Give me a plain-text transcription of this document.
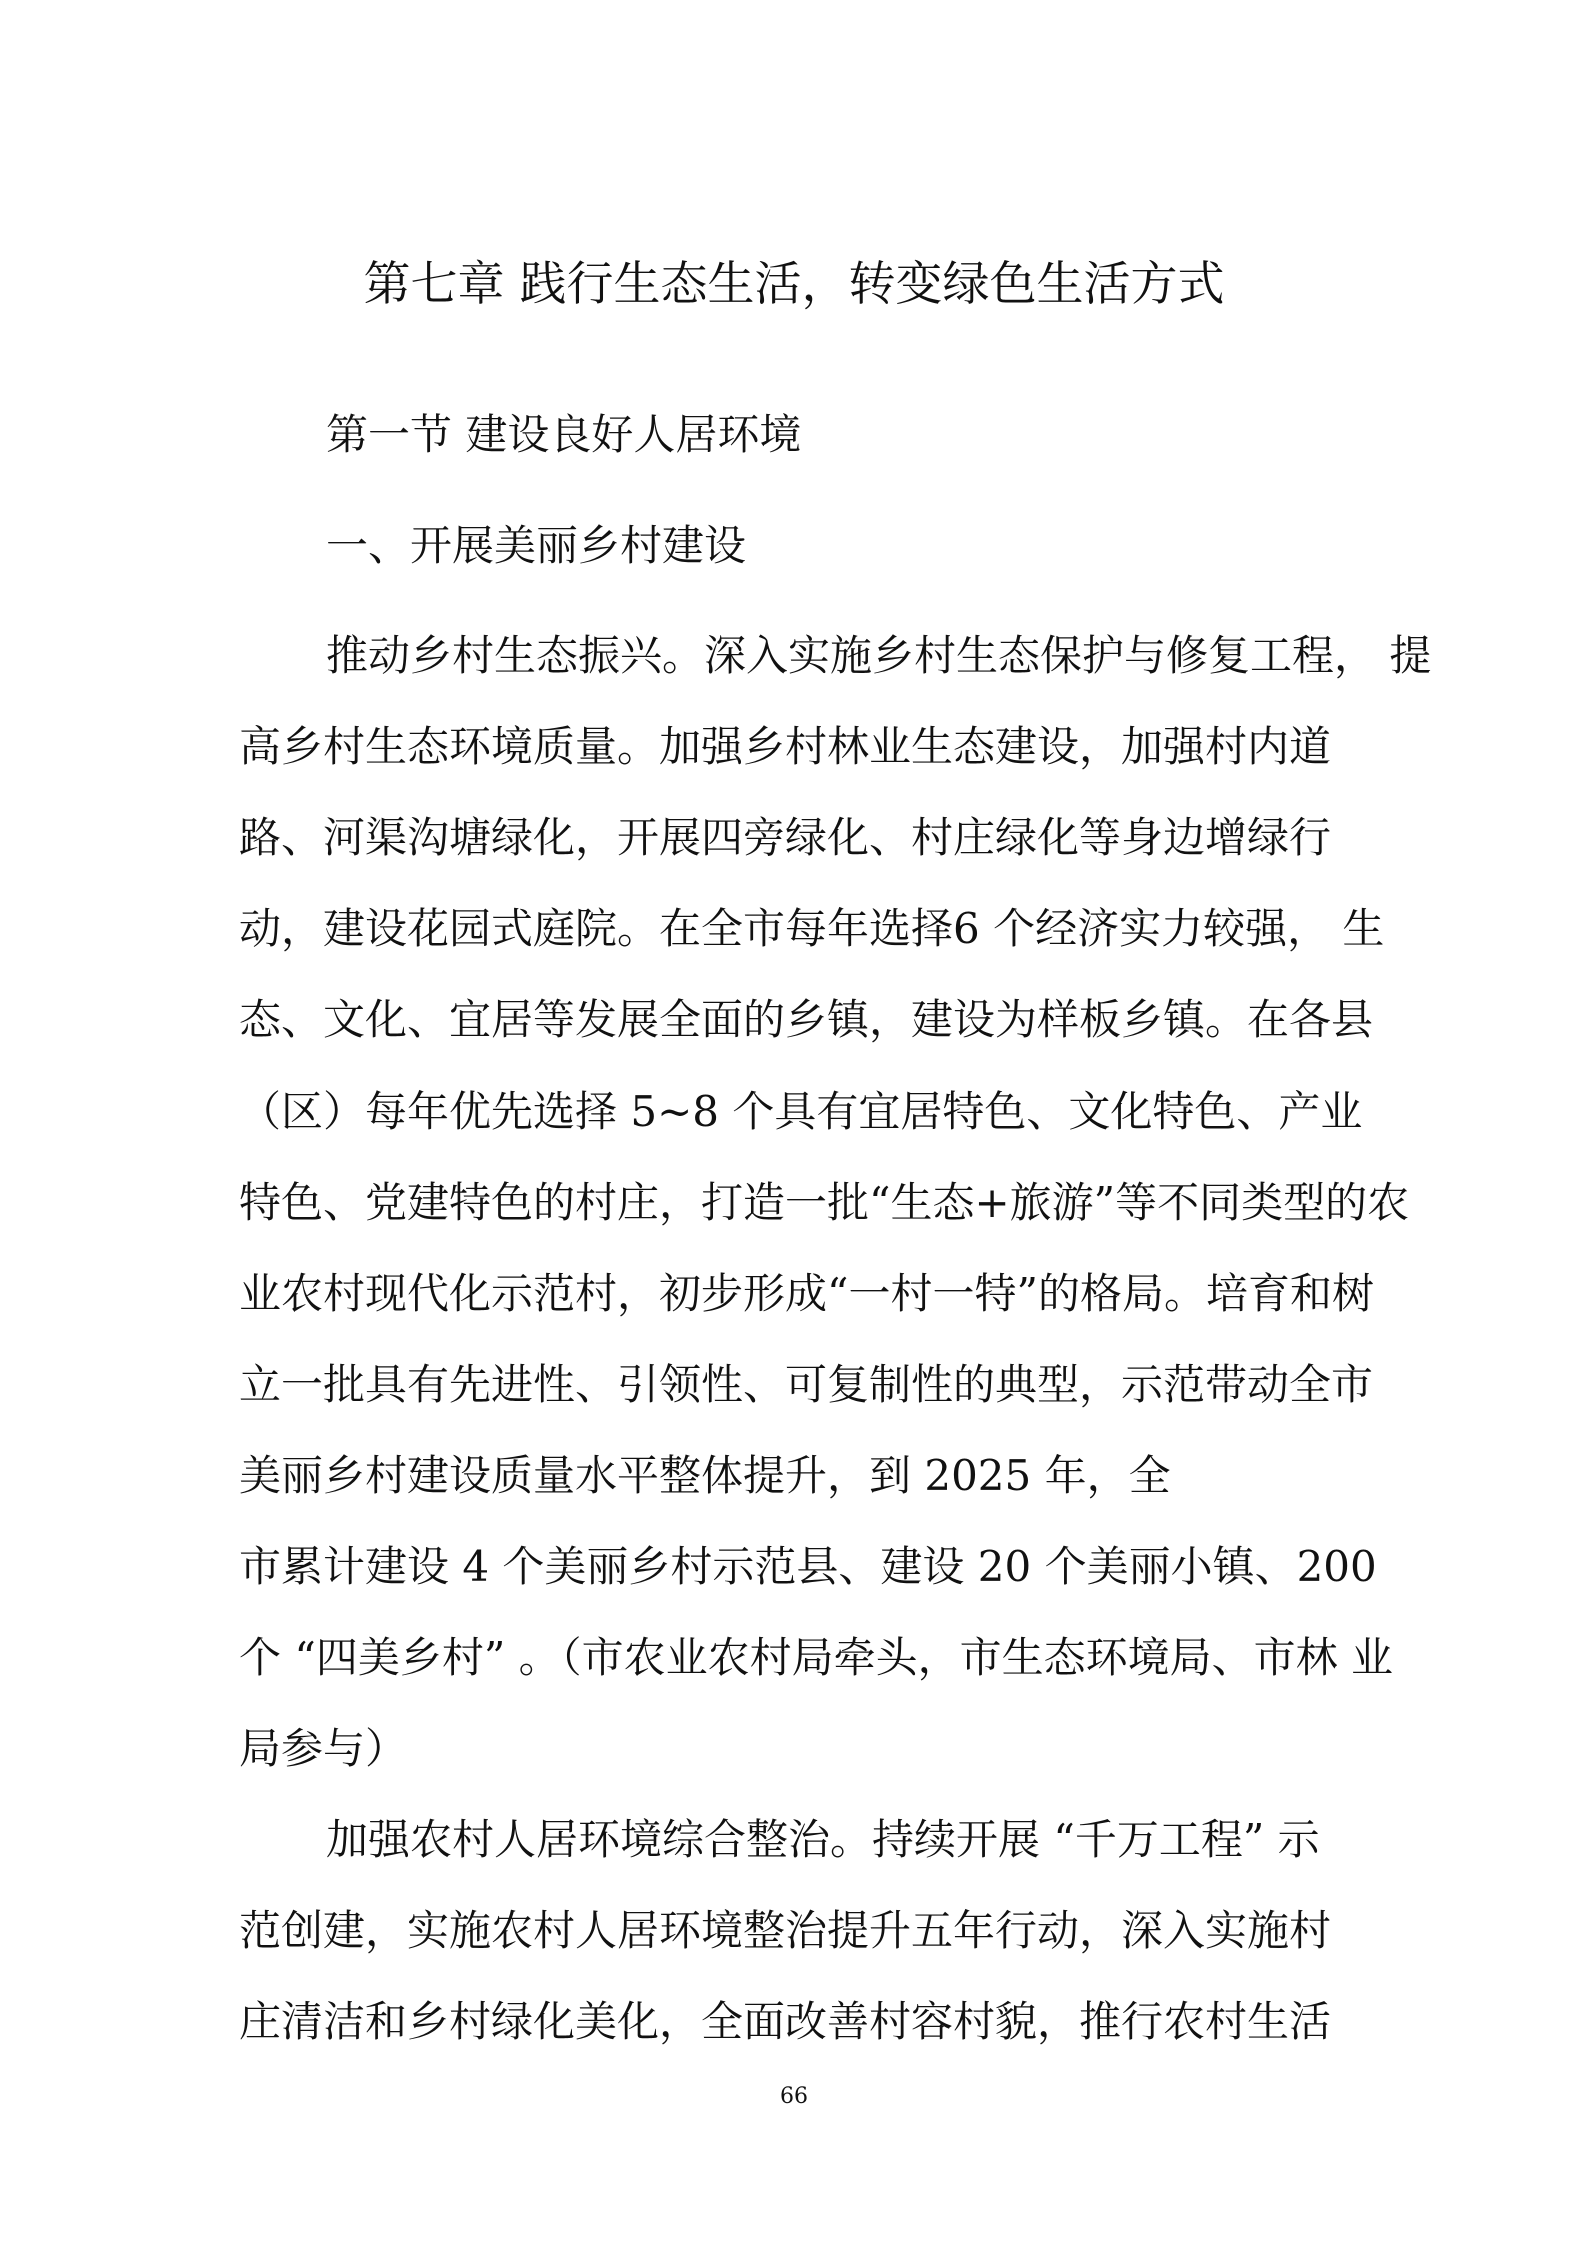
第七章 践行生态生活，转变绿色生活方式

第一节 建设良好人居环境

一、开展美丽乡村建设

推动乡村生态振兴。深入实施乡村生态保护与修复工程， 提

高乡村生态环境质量。加强乡村林业生态建设，加强村内道

路、河渠沟塘绿化，开展四旁绿化、村庄绿化等身边增绿行

动，建设花园式庭院。在全市每年选择6 个经济实力较强， 生

态、文化、宜居等发展全面的乡镇，建设为样板乡镇。在各县

（区）每年优先选择 5~8 个具有宜居特色、文化特色、产业

特色、党建特色的村庄，打造一批“生态+旅游”等不同类型的农

业农村现代化示范村，初步形成“一村一特”的格局。培育和树

立一批具有先进性、引领性、可复制性的典型，示范带动全市

美丽乡村建设质量水平整体提升，到 2025 年，全

市累计建设 4 个美丽乡村示范县、建设 20 个美丽小镇、200

个 “四美乡村” 。（市农业农村局牵头，市生态环境局、市林 业

局参与）

加强农村人居环境综合整治。持续开展 “千万工程” 示

范创建，实施农村人居环境整治提升五年行动，深入实施村

庄清洁和乡村绿化美化，全面改善村容村貌，推行农村生活

66
